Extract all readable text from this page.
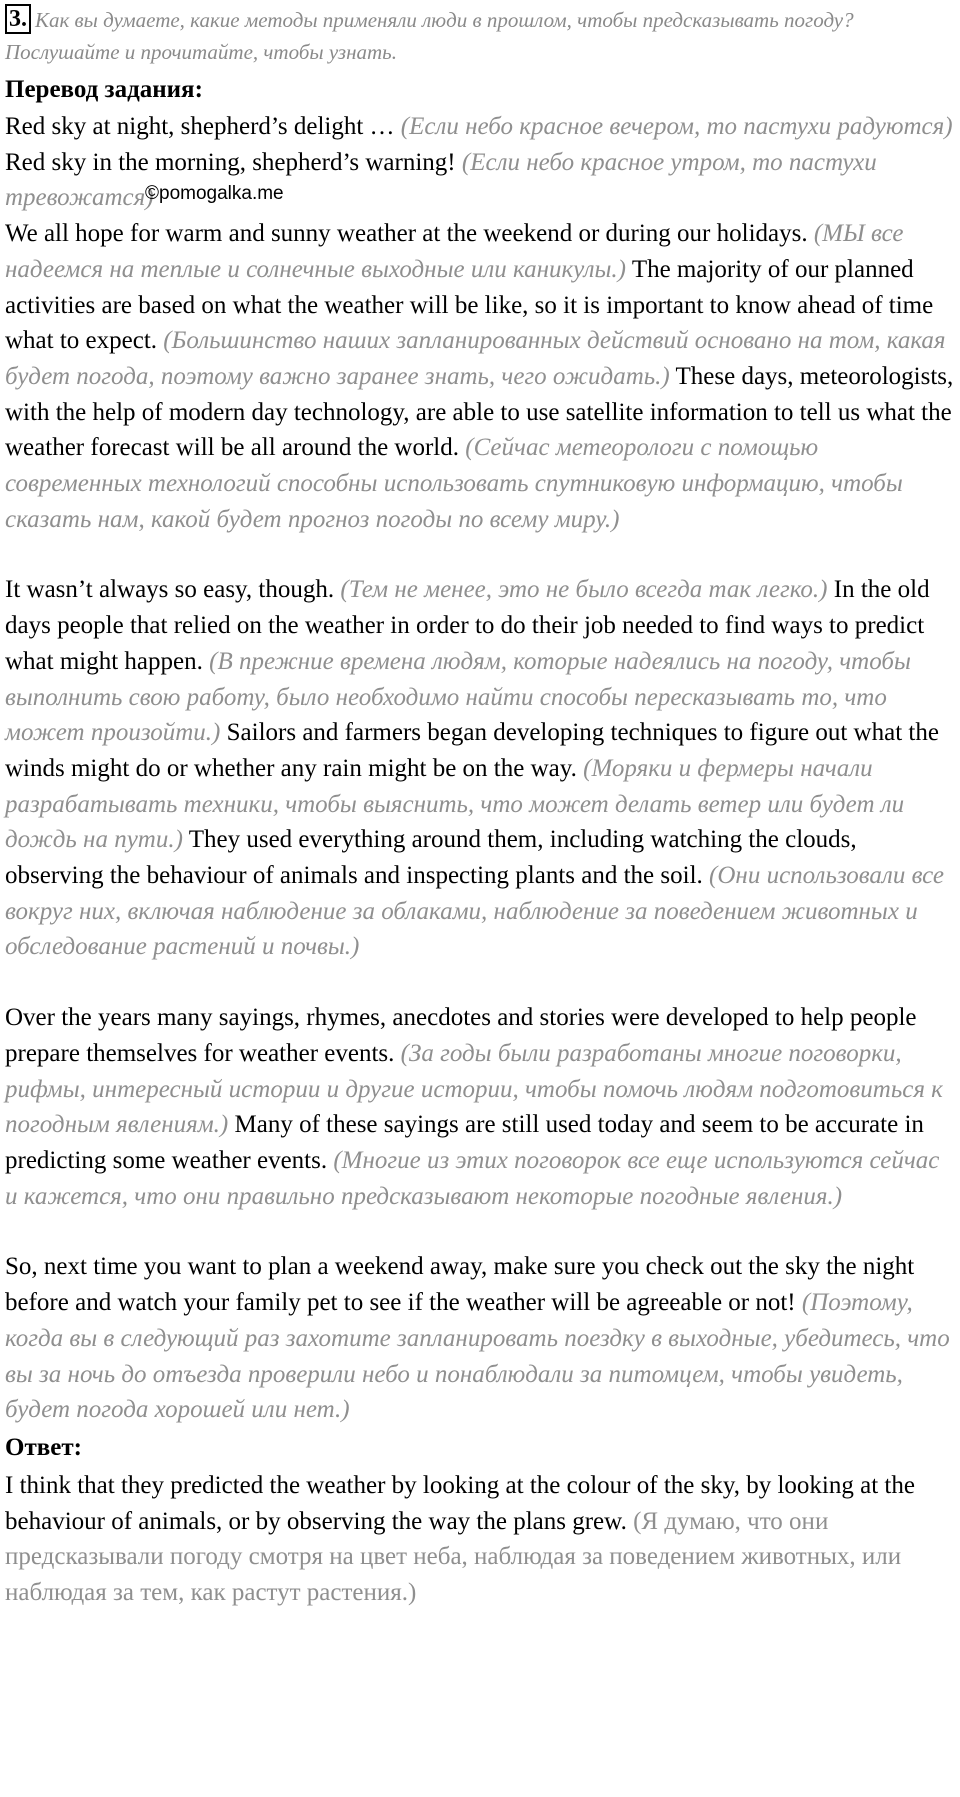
3. Как вы думаете, какие методы применяли люди в прошлом, чтобы предсказывать погоду? Послушайте и прочитайте, чтобы узнать.

Перевод задания:

Red sky at night, shepherd’s delight … (Если небо красное вечером, то пастухи радуются)
Red sky in the morning, shepherd’s warning! (Если небо красное утром, то пастухи тревожатся)
We all hope for warm and sunny weather at the weekend or during our holidays. (МЫ все надеемся на теплые и солнечные выходные или каникулы.) The majority of our planned activities are based on what the weather will be like, so it is important to know ahead of time what to expect. (Большинство наших запланированных действий основано на том, какая будет погода, поэтому важно заранее знать, чего ожидать.) These days, meteorologists, with the help of modern day technology, are able to use satellite information to tell us what the weather forecast will be all around the world. (Сейчас метеорологи с помощью современных технологий способны использовать спутниковую информацию, чтобы сказать нам, какой будет прогноз погоды по всему миру.)

It wasn’t always so easy, though. (Тем не менее, это не было всегда так легко.) In the old days people that relied on the weather in order to do their job needed to find ways to predict what might happen. (В прежние времена людям, которые надеялись на погоду, чтобы выполнить свою работу, было необходимо найти способы пересказывать то, что может произойти.) Sailors and farmers began developing techniques to figure out what the winds might do or whether any rain might be on the way. (Моряки и фермеры начали разрабатывать техники, чтобы выяснить, что может делать ветер или будет ли дождь на пути.) They used everything around them, including watching the clouds, observing the behaviour of animals and inspecting plants and the soil. (Они использовали все вокруг них, включая наблюдение за облаками, наблюдение за поведением животных и обследование растений и почвы.)

Over the years many sayings, rhymes, anecdotes and stories were developed to help people prepare themselves for weather events. (За годы были разработаны многие поговорки, рифмы, интересный истории и другие истории, чтобы помочь людям подготовиться к погодным явлениям.) Many of these sayings are still used today and seem to be accurate in predicting some weather events. (Многие из этих поговорок все еще используются сейчас и кажется, что они правильно предсказывают некоторые погодные явления.)

So, next time you want to plan a weekend away, make sure you check out the sky the night before and watch your family pet to see if the weather will be agreeable or not! (Поэтому, когда вы в следующий раз захотите запланировать поездку в выходные, убедитесь, что вы за ночь до отъезда проверили небо и понаблюдали за питомцем, чтобы увидеть, будет погода хорошей или нет.)

Ответ:

I think that they predicted the weather by looking at the colour of the sky, by looking at the behaviour of animals, or by observing the way the plans grew. (Я думаю, что они предсказывали погоду смотря на цвет неба, наблюдая за поведением животных, или наблюдая за тем, как растут растения.)

©pomogalka.me
